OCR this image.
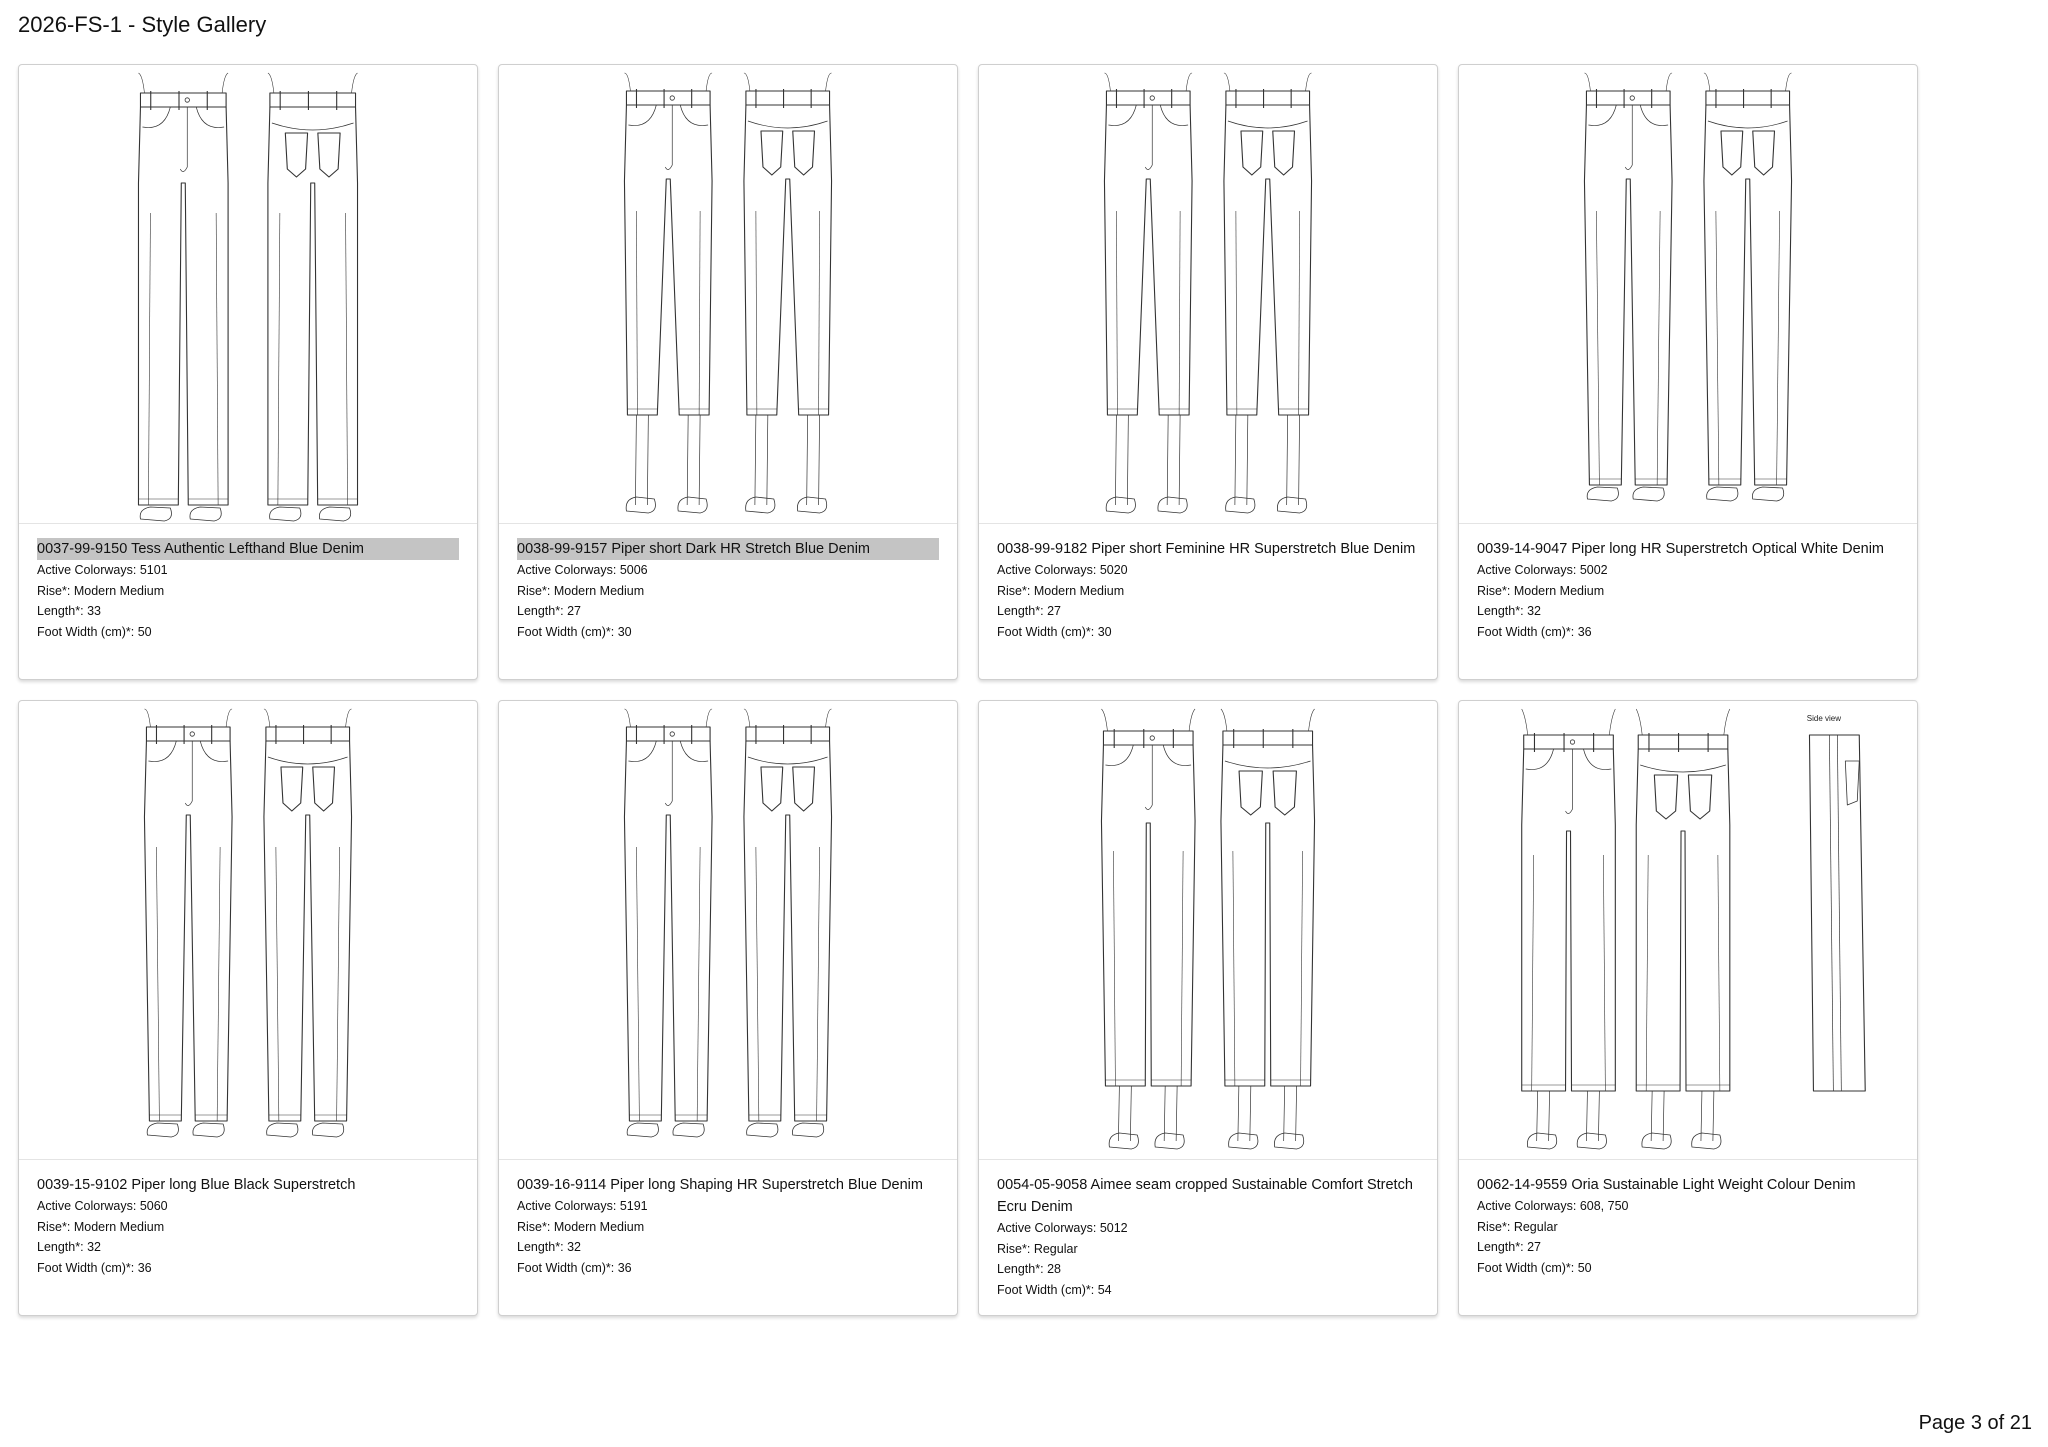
2026-FS-1 - Style Gallery
0037-99-9150 Tess Authentic Lefthand Blue Denim
Active Colorways: 5101
Rise*: Modern Medium
Length*: 33
Foot Width (cm)*: 50
0038-99-9157 Piper short Dark HR Stretch Blue Denim
Active Colorways: 5006
Rise*: Modern Medium
Length*: 27
Foot Width (cm)*: 30
0038-99-9182 Piper short Feminine HR Superstretch Blue Denim
Active Colorways: 5020
Rise*: Modern Medium
Length*: 27
Foot Width (cm)*: 30
0039-14-9047 Piper long HR Superstretch Optical White Denim
Active Colorways: 5002
Rise*: Modern Medium
Length*: 32
Foot Width (cm)*: 36
0039-15-9102 Piper long Blue Black Superstretch
Active Colorways: 5060
Rise*: Modern Medium
Length*: 32
Foot Width (cm)*: 36
0039-16-9114 Piper long Shaping HR Superstretch Blue Denim
Active Colorways: 5191
Rise*: Modern Medium
Length*: 32
Foot Width (cm)*: 36
0054-05-9058 Aimee seam cropped Sustainable Comfort Stretch Ecru Denim
Active Colorways: 5012
Rise*: Regular
Length*: 28
Foot Width (cm)*: 54
Side view
0062-14-9559 Oria Sustainable Light Weight Colour Denim
Active Colorways: 608, 750
Rise*: Regular
Length*: 27
Foot Width (cm)*: 50
Page 3 of 21
